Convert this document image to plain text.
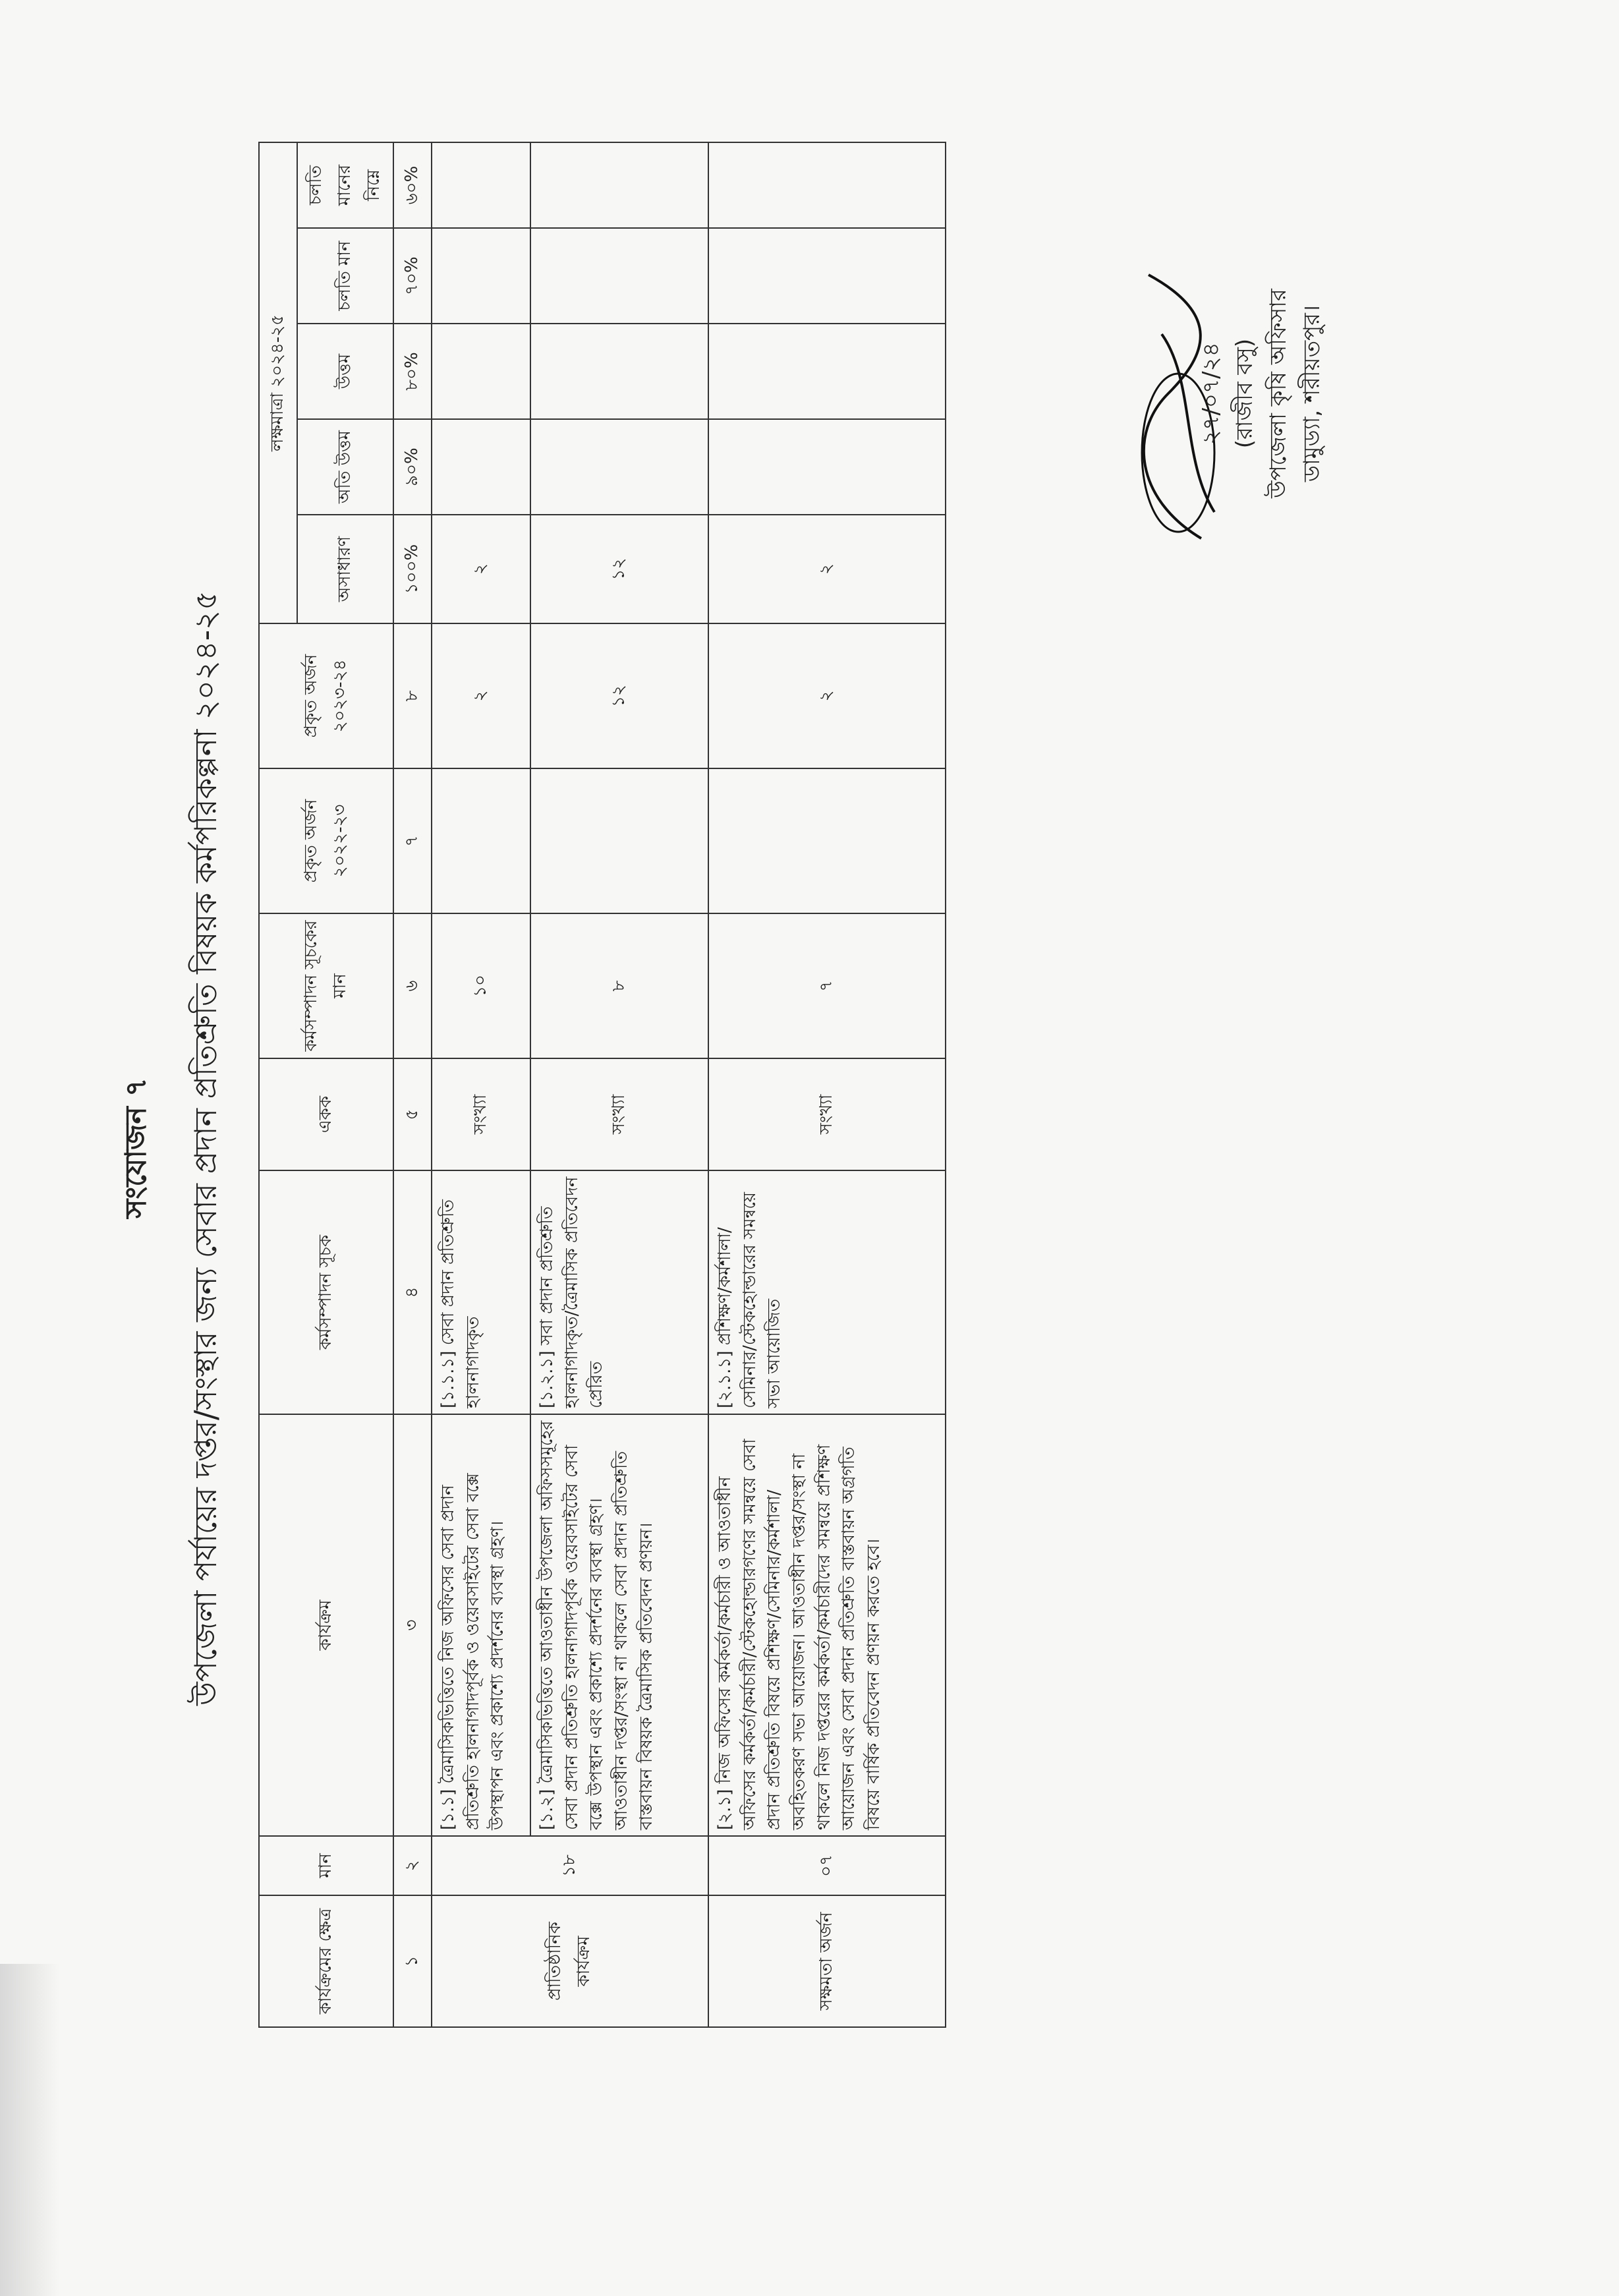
সংযোজন ৭	উপজেলা পর্যায়ের দপ্তর/সংস্থার জন্য সেবার প্রদান প্রতিশ্রুতি বিষয়ক কর্মপরিকল্পনা ২০২৪-২৫
কার্যক্রমের ক্ষেত্র	মান	কার্যক্রম	কর্মসম্পাদন সূচক	একক	কর্মসম্পাদন সূচকের মান	প্রকৃত অর্জন ২০২২-২৩	প্রকৃত অর্জন ২০২৩-২৪	লক্ষমাত্রা ২০২৪-২৫				
								অসাধারণ	অতি উত্তম	উত্তম	চলতি মান	চলতি মানের নিম্নে
১	২	৩	৪	৫	৬	৭	৮	১০০%	৯০%	৮০%	৭০%	৬০%
প্রাতিষ্ঠানিক কার্যক্রম	১৮	[১.১] ত্রৈমাসিকভিত্তিতে নিজ অফিসের সেবা প্রদান প্রতিশ্রুতি হালনাগাদপূর্বক ও ওয়েবসাইটের সেবা বক্সে উপস্থাপন এবং প্রকাশ্যে প্রদর্শনের ব্যবস্থা গ্রহণ।	[১.১.১] সেবা প্রদান প্রতিশ্রুতি হালনাগাদকৃত	সংখ্যা	১০		২	২				
		[১.২] ত্রৈমাসিকভিত্তিতে আওতাধীন উপজেলা অফিসসমূহের সেবা প্রদান প্রতিশ্রুতি হালনাগাদপূর্বক ওয়েবসাইটের সেবা বক্সে উপস্থান এবং প্রকাশ্যে প্রদর্শনের ব্যবস্থা গ্রহণ। আওতাধীন দপ্তর/সংস্থা না থাকলে সেবা প্রদান প্রতিশ্রুতি বাস্তবায়ন বিষয়ক ত্রৈমাসিক প্রতিবেদন প্রণয়ন।	[১.২.১] সবা প্রদান প্রতিশ্রুতি হালনাগাদকৃত/ত্রৈমাসিক প্রতিবেদন প্রেরিত	সংখ্যা	৮		১২	১২				
সক্ষমতা অর্জন	০৭	[২.১] নিজ অফিসের কর্মকর্তা/কর্মচারী ও আওতাধীন অফিসের কর্মকর্তা/কর্মচারী/স্টেকহোল্ডারগণের সমন্বয়ে সেবা প্রদান প্রতিশ্রুতি বিষয়ে প্রশিক্ষণ/সেমিনার/কর্মশালা/অবহিতকরণ সভা আয়োজন। আওতাধীন দপ্তর/সংস্থা না থাকলে নিজ দপ্তরের কর্মকর্তা/কর্মচারীদের সমন্বয়ে প্রশিক্ষণ আয়োজন এবং সেবা প্রদান প্রতিশ্রুতি বাস্তবায়ন অগ্রগতি বিষয়ে বার্ষিক প্রতিবেদন প্রণয়ন করতে হবে।	[২.১.১] প্রশিক্ষণ/কর্মশালা/সেমিনার/স্টেকহোল্ডারের সমন্বয়ে সভা আয়োজিত	সংখ্যা	৭		২	২				
২৭/০৭/২৪ (রাজীব বসু) উপজেলা কৃষি অফিসার ডামুড্যা, শরীয়তপুর।
